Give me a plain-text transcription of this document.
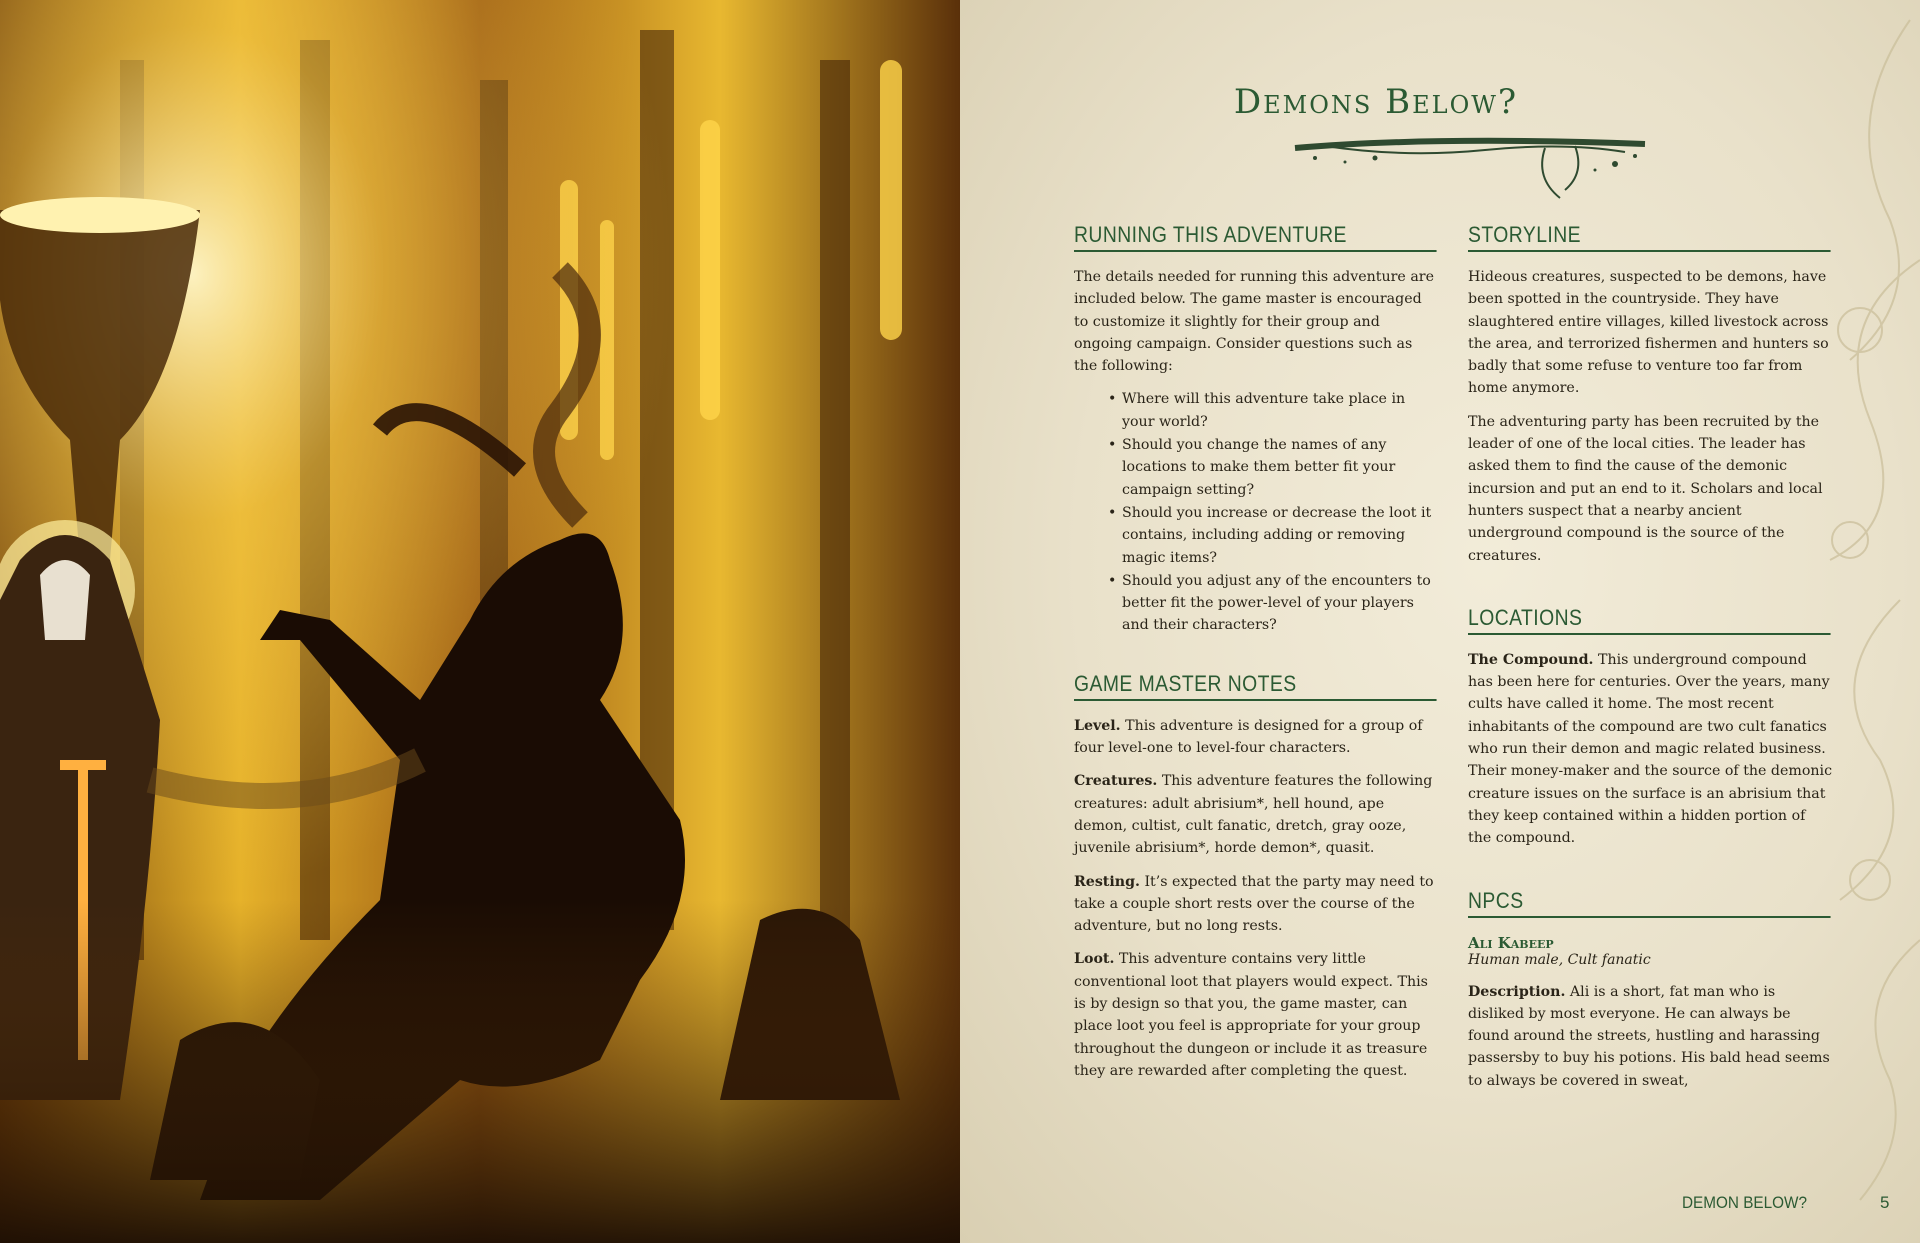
Demons Below?
RUNNING THIS ADVENTURE

The details needed for running this adventure are included below. The game master is encouraged to customize it slightly for their group and ongoing campaign. Consider questions such as the following:

• Where will this adventure take place in your world?
• Should you change the names of any locations to make them better fit your campaign setting?
• Should you increase or decrease the loot it contains, including adding or removing magic items?
• Should you adjust any of the encounters to better fit the power-level of your players and their characters?
GAME MASTER NOTES

Level. This adventure is designed for a group of four level-one to level-four characters.

Creatures. This adventure features the following creatures: adult abrisium*, hell hound, ape demon, cultist, cult fanatic, dretch, gray ooze, juvenile abrisium*, horde demon*, quasit.

Resting. It’s expected that the party may need to take a couple short rests over the course of the adventure, but no long rests.

Loot. This adventure contains very little conventional loot that players would expect. This is by design so that you, the game master, can place loot you feel is appropriate for your group throughout the dungeon or include it as treasure they are rewarded after completing the quest.

STORYLINE

Hideous creatures, suspected to be demons, have been spotted in the countryside. They have slaughtered entire villages, killed livestock across the area, and terrorized fishermen and hunters so badly that some refuse to venture too far from home anymore.

The adventuring party has been recruited by the leader of one of the local cities. The leader has asked them to find the cause of the demonic incursion and put an end to it. Scholars and local hunters suspect that a nearby ancient underground compound is the source of the creatures.

LOCATIONS

The Compound. This underground compound has been here for centuries. Over the years, many cults have called it home. The most recent inhabitants of the compound are two cult fanatics who run their demon and magic related business. Their money-maker and the source of the demonic creature issues on the surface is an abrisium that they keep contained within a hidden portion of the compound.

NPCS
Ali Kabeep
Human male, Cult fanatic

Description. Ali is a short, fat man who is disliked by most everyone. He can always be found around the streets, hustling and harassing passersby to buy his potions. His bald head seems to always be covered in sweat,

DEMON BELOW?	5
